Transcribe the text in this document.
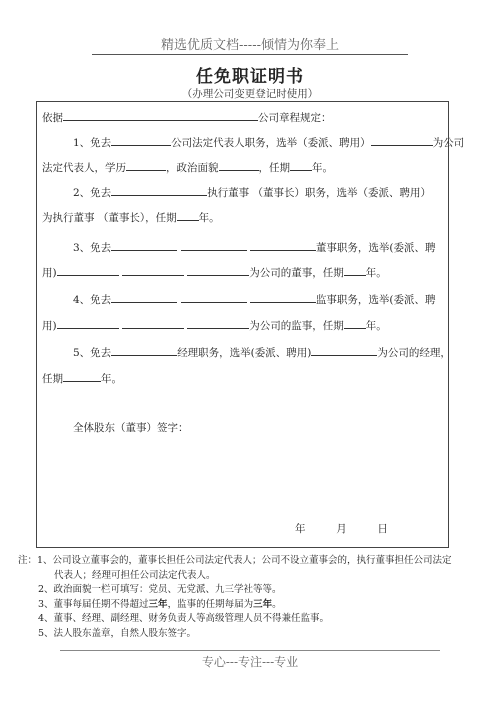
精选优质文档-----倾情为你奉上
任免职证明书
（办理公司变更登记时使用）
依据	公司章程规定：
1、免去	公司法定代表人职务，选举（委派、聘用）	为公司
法定代表人，学历	，政治面貌	，任期 年。
2、免去	执行董事 （董事长）职务，选举（委派、聘用）
为执行董事 （董事长），任期 年。
3、免去	董事职务，选举(委派、聘
用)	为公司的董事，任期 年。
4、免去	监事职务，选举(委派、聘
用)	为公司的监事，任期 年。
5、免去	经理职务，选举(委派、聘用)	为公司的经理，
任期	年。
全体股东（董事）签字：
年	月	日
注：1、公司设立董事会的，董事长担任公司法定代表人；公司不设立董事会的，执行董事担任公司法定
代表人；经理可担任公司法定代表人。
2、政治面貌一栏可填写：党员、无党派、九三学社等等。
3、董事每届任期不得超过三年，监事的任期每届为三年。
4、董事、经理、副经理、财务负责人等高级管理人员不得兼任监事。
5、法人股东盖章，自然人股东签字。
专心---专注---专业
